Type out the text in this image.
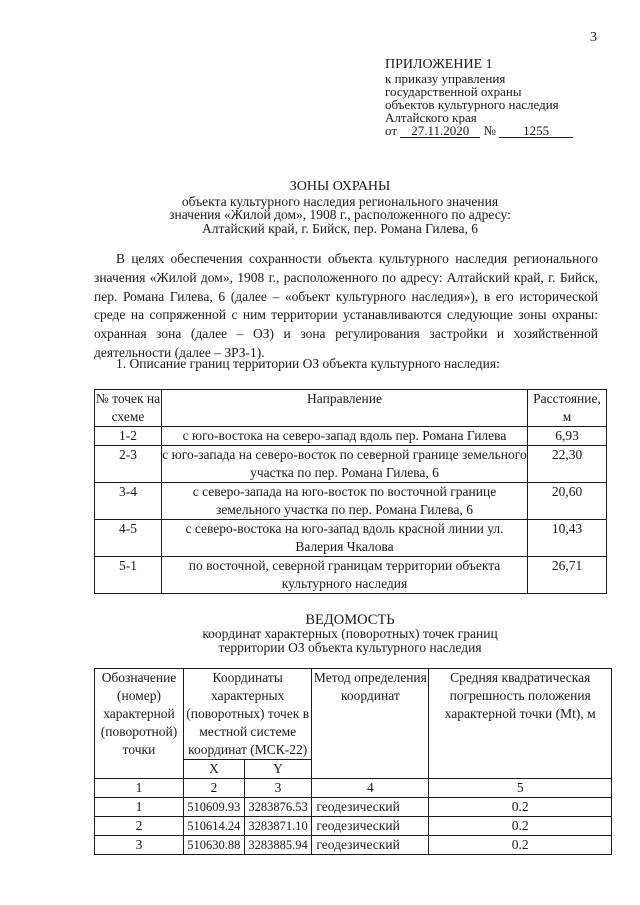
3
ПРИЛОЖЕНИЕ 1
к приказу управления
государственной охраны
объектов культурного наследия
Алтайского края
от 27.11.2020 № 1255
ЗОНЫ ОХРАНЫ
объекта культурного наследия регионального значения
значения «Жилой дом», 1908 г., расположенного по адресу:
Алтайский край, г. Бийск, пер. Романа Гилева, 6

В целях обеспечения сохранности объекта культурного наследия регионального значения «Жилой дом», 1908 г., расположенного по адресу: Алтайский край, г. Бийск, пер. Романа Гилева, 6 (далее – «объект культурного наследия»), в его исторической среде на сопряженной с ним территории устанавливаются следующие зоны охраны: охранная зона (далее – ОЗ) и зона регулирования застройки и хозяйственной деятельности (далее – ЗРЗ-1).

1. Описание границ территории ОЗ объекта культурного наследия:
№ точек на схеме	Направление	Расстояние, м
1-2	с юго-востока на северо-запад вдоль пер. Романа Гилева	6,93
2-3	с юго-запада на северо-восток по северной границе земельного участка по пер. Романа Гилева, 6	22,30
3-4	с северо-запада на юго-восток по восточной границе земельного участка по пер. Романа Гилева, 6	20,60
4-5	с северо-востока на юго-запад вдоль красной линии ул. Валерия Чкалова	10,43
5-1	по восточной, северной границам территории объекта культурного наследия	26,71
ВЕДОМОСТЬ
координат характерных (поворотных) точек границ
территории ОЗ объекта культурного наследия
Обозначение (номер) характерной (поворотной) точки	Координаты характерных (поворотных) точек в местной системе координат (МСК-22)		Метод определения координат	Средняя квадратическая погрешность положения характерной точки (Mt), м
	X	Y		
1	2	3	4	5
1	510609.93	3283876.53	геодезический	0.2
2	510614.24	3283871.10	геодезический	0.2
3	510630.88	3283885.94	геодезический	0.2
